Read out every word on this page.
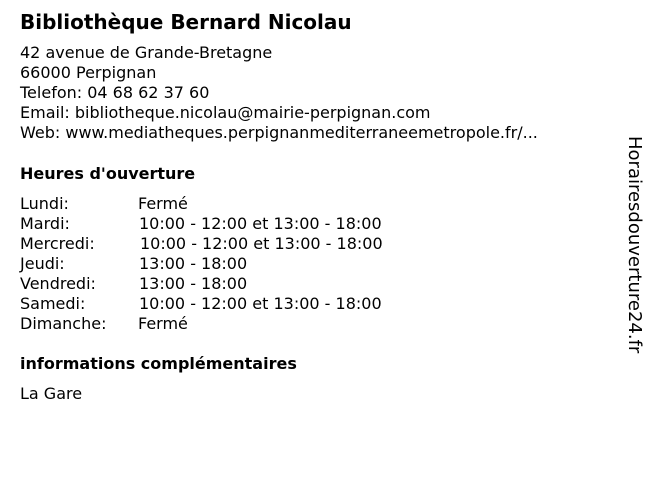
Bibliothèque Bernard Nicolau
42 avenue de Grande-Bretagne
66000 Perpignan
Telefon: 04 68 62 37 60
Email: bibliotheque.nicolau@mairie-perpignan.com
Web: www.mediatheques.perpignanmediterraneemetropole.fr/...
Heures d'ouverture
Lundi:	Fermé
Mardi:	10:00 - 12:00 et 13:00 - 18:00
Mercredi:	10:00 - 12:00 et 13:00 - 18:00
Jeudi:	13:00 - 18:00
Vendredi:	13:00 - 18:00
Samedi:	10:00 - 12:00 et 13:00 - 18:00
Dimanche: Fermé
informations complémentaires
La Gare
Horairesdouverture24.fr
